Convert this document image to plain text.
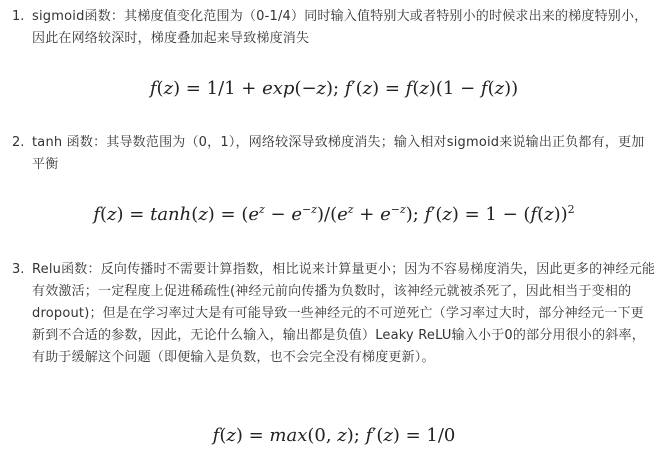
1. sigmoid函数：其梯度值变化范围为（0-1/4）同时输入值特别大或者特别小的时候求出来的梯度特别小，因此在网络较深时，梯度叠加起来导致梯度消失
f(z) = 1/1 + exp(−z); f′(z) = f(z)(1 − f(z))
2. tanh 函数：其导数范围为（0，1），网络较深导致梯度消失；输入相对sigmoid来说输出正负都有，更加平衡
$f(z) = \tanh(z) = (e^z - e^{-z})/(e^z + e^{-z})$; $f'(z) = 1 - (f(z))^2$
3. Relu函数：反向传播时不需要计算指数，相比说来计算量更小；因为不容易梯度消失，因此更多的神经元能有效激活；一定程度上促进稀疏性(神经元前向传播为负数时，该神经元就被杀死了，因此相当于变相的dropout)；但是在学习率过大是有可能导致一些神经元的不可逆死亡（学习率过大时，部分神经元一下更新到不合适的参数，因此，无论什么输入，输出都是负值）Leaky ReLU输入小于0的部分用很小的斜率，有助于缓解这个问题（即便输入是负数，也不会完全没有梯度更新）。
f(z) = max(0, z); f′(z) = 1/0
